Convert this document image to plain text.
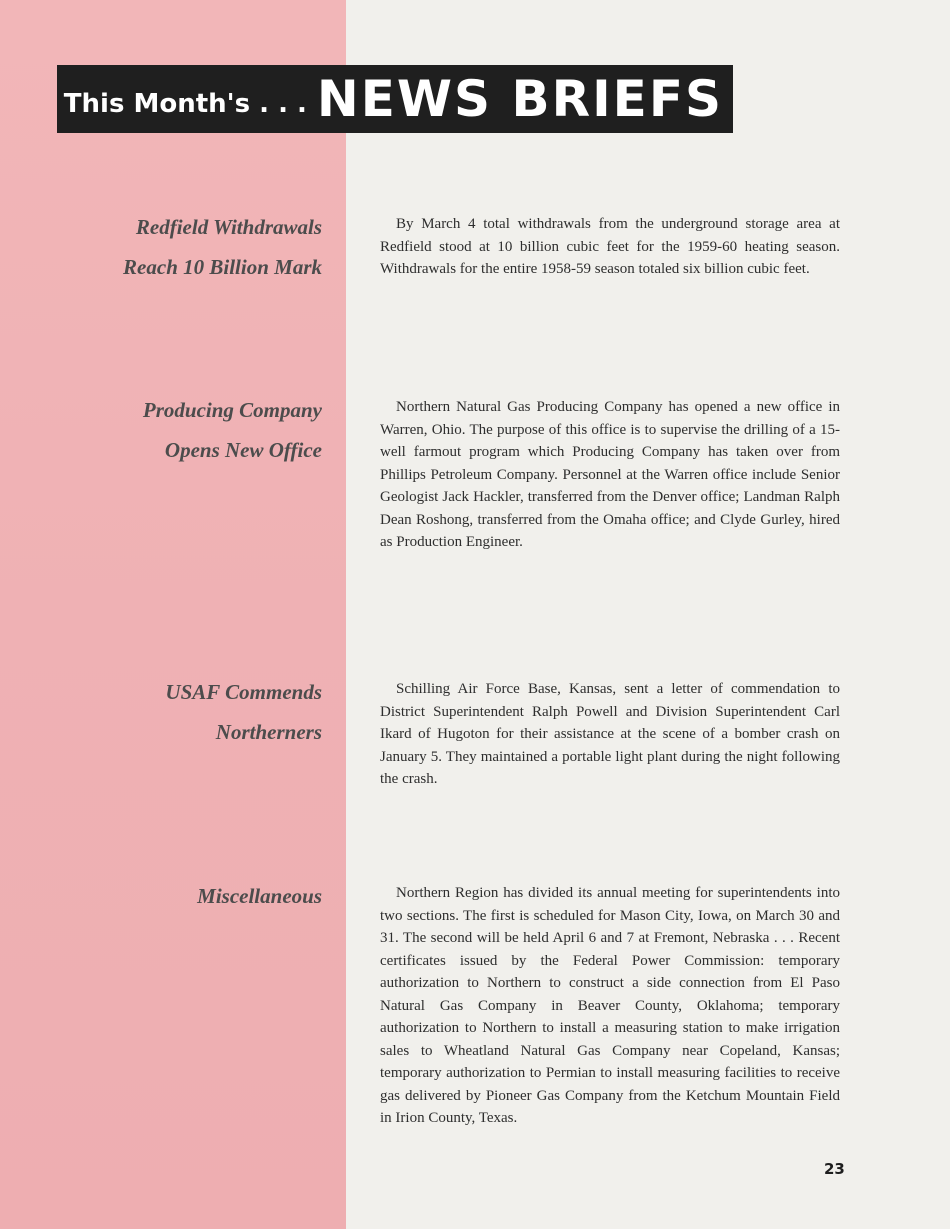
This Month's . . . NEWS BRIEFS
Redfield Withdrawals
Reach 10 Billion Mark

By March 4 total withdrawals from the underground storage area at Redfield stood at 10 billion cubic feet for the 1959-60 heating season. Withdrawals for the entire 1958-59 season totaled six billion cubic feet.

Producing Company
Opens New Office

Northern Natural Gas Producing Company has opened a new office in Warren, Ohio. The purpose of this office is to supervise the drilling of a 15-well farmout program which Producing Company has taken over from Phillips Petroleum Company. Personnel at the Warren office include Senior Geologist Jack Hackler, transferred from the Denver office; Landman Ralph Dean Roshong, transferred from the Omaha office; and Clyde Gurley, hired as Production Engineer.

USAF Commends
Northerners

Schilling Air Force Base, Kansas, sent a letter of commendation to District Superintendent Ralph Powell and Division Superintendent Carl Ikard of Hugoton for their assistance at the scene of a bomber crash on January 5. They maintained a portable light plant during the night following the crash.

Miscellaneous	Northern Region has divided its annual meeting for superintendents into two sections. The first is scheduled for Mason City, Iowa, on March 30 and 31. The second will be held April 6 and 7 at Fremont, Nebraska . . . Recent certificates issued by the Federal Power Commission: temporary authorization to Northern to construct a side connection from El Paso Natural Gas Company in Beaver County, Oklahoma; temporary authorization to Northern to install a measuring station to make irrigation sales to Wheatland Natural Gas Company near Copeland, Kansas; temporary authorization to Permian to install measuring facilities to receive gas delivered by Pioneer Gas Company from the Ketchum Mountain Field in Irion County, Texas.

23
